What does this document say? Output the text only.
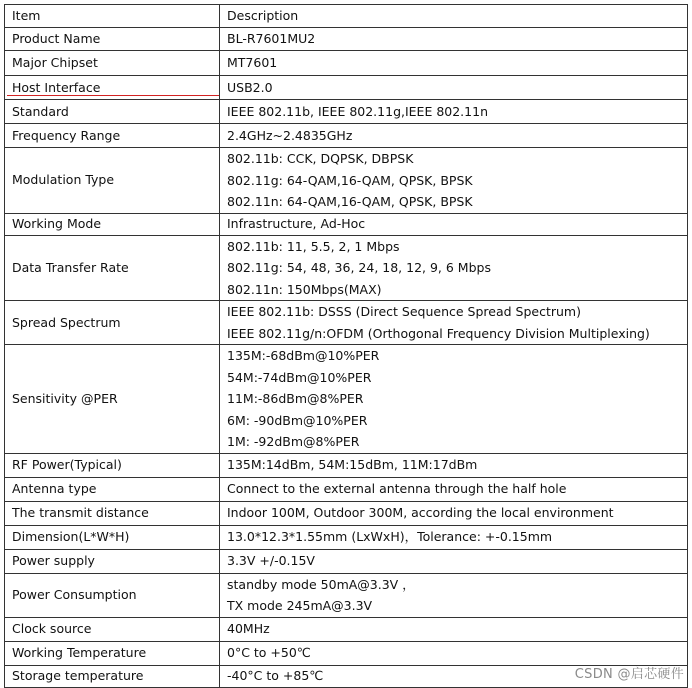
Item	Description
Product Name	BL-R7601MU2
Major Chipset	MT7601
Host Interface	USB2.0
Standard	IEEE 802.11b, IEEE 802.11g,IEEE 802.11n
Frequency Range	2.4GHz~2.4835GHz
Modulation Type	802.11b: CCK, DQPSK, DBPSK
802.11g: 64-QAM,16-QAM, QPSK, BPSK
802.11n: 64-QAM,16-QAM, QPSK, BPSK

Working Mode	Infrastructure, Ad-Hoc
Data Transfer Rate	802.11b: 11, 5.5, 2, 1 Mbps
802.11g: 54, 48, 36, 24, 18, 12, 9, 6 Mbps
802.11n: 150Mbps(MAX)

Spread Spectrum	IEEE 802.11b: DSSS (Direct Sequence Spread Spectrum)
IEEE 802.11g/n:OFDM (Orthogonal Frequency Division Multiplexing)

Sensitivity @PER	135M:-68dBm@10%PER
54M:-74dBm@10%PER
11M:-86dBm@8%PER
6M: -90dBm@10%PER
1M: -92dBm@8%PER

RF Power(Typical)	135M:14dBm, 54M:15dBm, 11M:17dBm
Antenna type	Connect to the external antenna through the half hole
The transmit distance	Indoor 100M, Outdoor 300M, according the local environment
Dimension(L*W*H)	13.0*12.3*1.55mm (LxWxH)，Tolerance: +-0.15mm
Power supply	3.3V +/-0.15V
Power Consumption	standby mode 50mA@3.3V ，
TX mode 245mA@3.3V

Clock source	40MHz
Working Temperature	0°C to +50℃
Storage temperature	-40°C to +85℃	CSDN @启芯硬件
